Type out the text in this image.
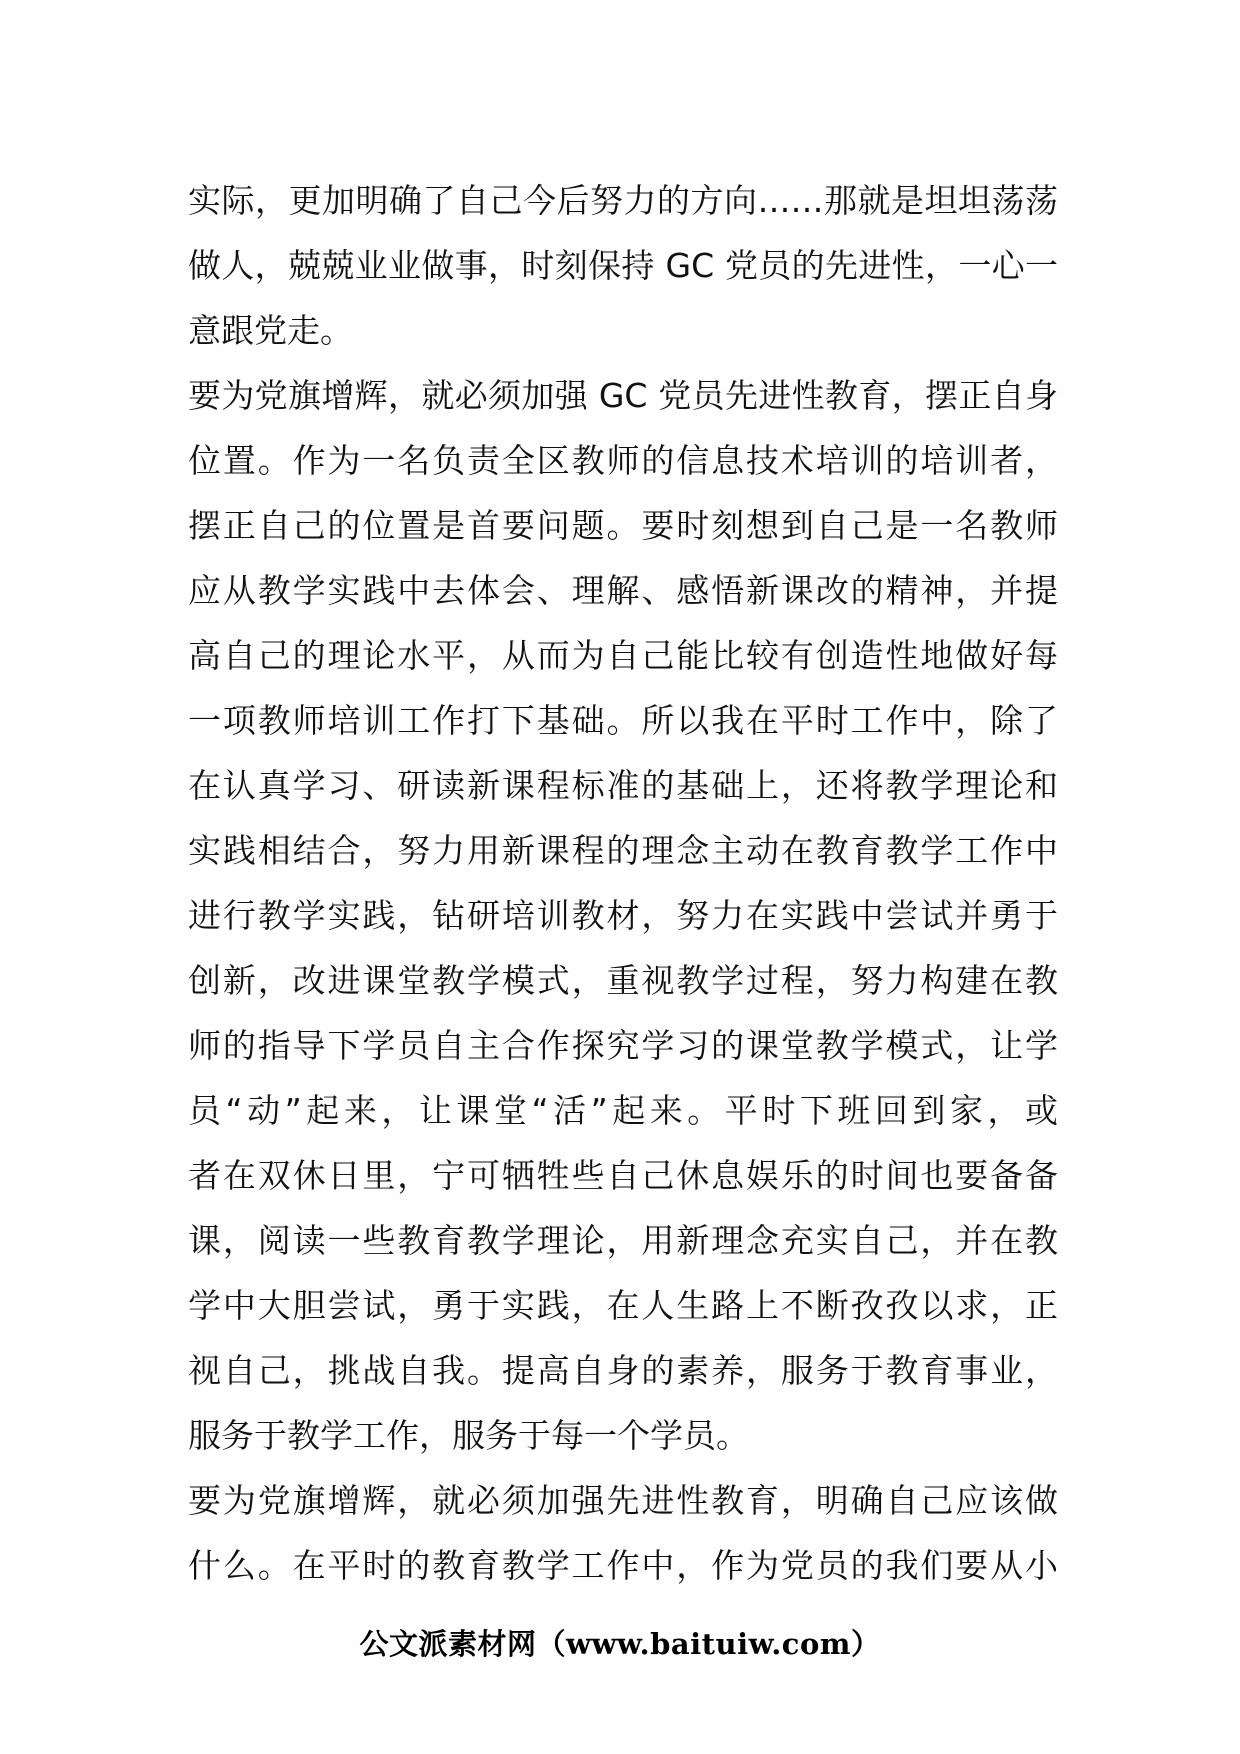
实际，更加明确了自己今后努力的方向……那就是坦坦荡荡
做人，兢兢业业做事，时刻保持 GC 党员的先进性，一心一
意跟党走。
要为党旗增辉，就必须加强 GC 党员先进性教育，摆正自身
位置。作为一名负责全区教师的信息技术培训的培训者，
摆正自己的位置是首要问题。要时刻想到自己是一名教师
应从教学实践中去体会、理解、感悟新课改的精神，并提
高自己的理论水平，从而为自己能比较有创造性地做好每
一项教师培训工作打下基础。所以我在平时工作中，除了
在认真学习、研读新课程标准的基础上，还将教学理论和
实践相结合，努力用新课程的理念主动在教育教学工作中
进行教学实践，钻研培训教材，努力在实践中尝试并勇于
创新，改进课堂教学模式，重视教学过程，努力构建在教
师的指导下学员自主合作探究学习的课堂教学模式，让学
员“动”起来，让课堂“活”起来。平时下班回到家，或
者在双休日里，宁可牺牲些自己休息娱乐的时间也要备备
课，阅读一些教育教学理论，用新理念充实自己，并在教
学中大胆尝试，勇于实践，在人生路上不断孜孜以求，正
视自己，挑战自我。提高自身的素养，服务于教育事业，
服务于教学工作，服务于每一个学员。
要为党旗增辉，就必须加强先进性教育，明确自己应该做
什么。在平时的教育教学工作中，作为党员的我们要从小
公文派素材网（www.baituiw.com）
